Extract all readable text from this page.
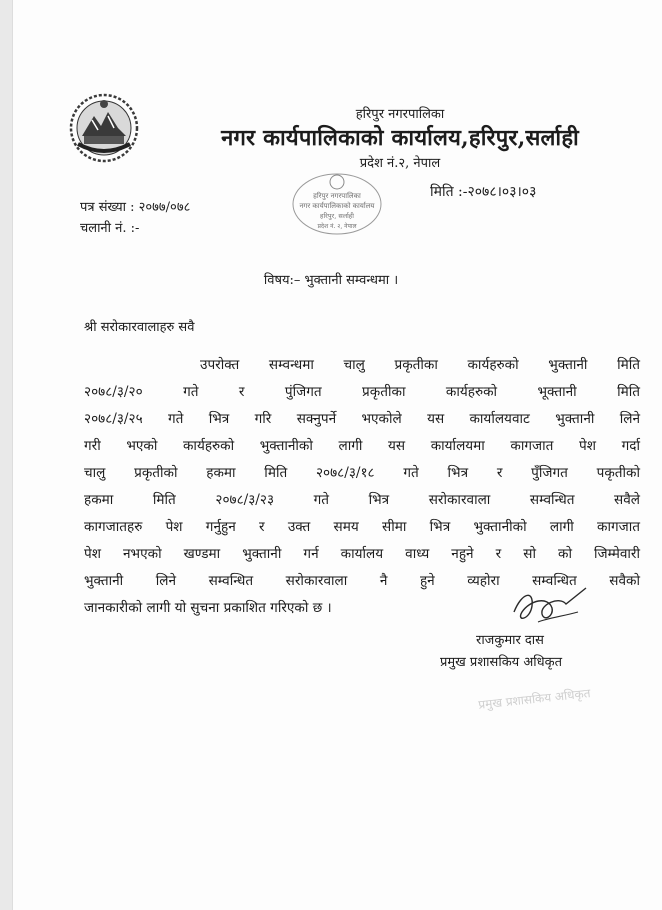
हरिपुर नगरपालिका
नगर कार्यपालिकाको कार्यालय,हरिपुर,सर्लाही
प्रदेश नं.२, नेपाल
हरिपुर नगरपालिका
नगर कार्यपालिकाको कार्यालय
हरिपुर, सर्लाही
प्रदेश नं. २, नेपाल
पत्र संख्या : २०७७/०७८
चलानी नं. :-
मिति :-२०७८।०३।०३
विषय:– भुक्तानी सम्वन्धमा ।
श्री सरोकारवालाहरु सवै
उपरोक्त सम्वन्धमा चालु प्रकृतीका कार्यहरुको भुक्तानी मिति
२०७८/३/२० गते र पुंजिगत प्रकृतीका कार्यहरुको भूक्तानी मिति
२०७८/३/२५ गते भित्र गरि सक्नुपर्ने भएकोले यस कार्यालयवाट भुक्तानी लिने
गरी भएको कार्यहरुको भुक्तानीको लागी यस कार्यालयमा कागजात पेश गर्दा
चालु प्रकृतीको हकमा मिति २०७८/३/१८ गते भित्र र पुँजिगत पकृतीको
हकमा मिति २०७८/३/२३ गते भित्र सरोकारवाला सम्वन्धित सवैले
कागजातहरु पेश गर्नुहुन र उक्त समय सीमा भित्र भुक्तानीको लागी कागजात
पेश नभएको खण्डमा भुक्तानी गर्न कार्यालय वाध्य नहुने र सो को जिम्मेवारी
भुक्तानी लिने सम्वन्धित सरोकारवाला नै हुने व्यहोरा सम्वन्धित सवैको
जानकारीको लागी यो सुचना प्रकाशित गरिएको छ ।
राजकुमार दास
प्रमुख प्रशासकिय अधिकृत
प्रमुख प्रशासकिय अधिकृत
